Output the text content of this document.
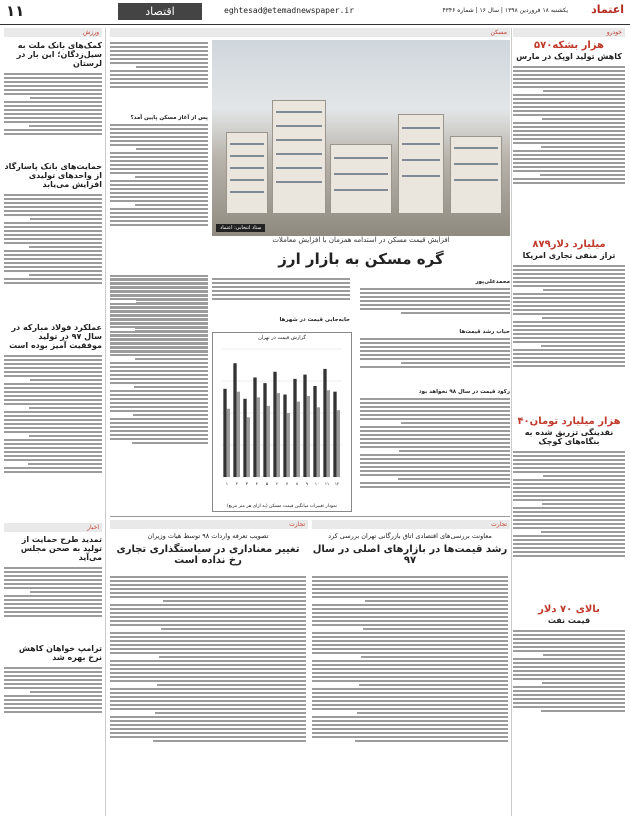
۱۱	اقتصاد	eghtesad@etemadnewspaper.ir	یکشنبه ۱۸ فروردین ۱۳۹۸ | سال ۱۶ | شماره ۴۳۴۶ اعتماد
خودرو
۵۷۰هزار بشکه
کاهش تولید اوپک در مارس
۸۷۹میلیارد دلار
تراز منفی تجاری امریکا
۴۰هزار میلیارد تومان
نقدینگی تزریق شده به بنگاه‌های کوچک
بالای ۷۰ دلار
قیمت نفت
ورزش
کمک‌های بانک ملت به سیل‌زدگان؛ این بار در لرستان
حمایت‌های بانک پاسارگاد از واحدهای تولیدی افزایش می‌یابد
عملکرد فولاد مبارکه در سال ۹۷ در تولید موفقیت آمیز بوده است
اخبار
تمدید طرح حمایت از تولید به صحن مجلس می‌آید
ترامپ خواهان کاهش نرخ بهره شد
مسکن
پس از آغاز مسکن پایین آمد؟
ستاد انتخابی: اعتماد
افزایش قیمت مسکن در استدامه همزمان با افزایش معاملات
گره مسکن به بازار ارز
محمدعلی‌پور
حباب رشد قیمت‌ها
رکود قیمت در سال ۹۸ نخواهد بود
جابه‌جایی قیمت در شهرها
گزارش قیمت در تهران
۱ ۲ ۳ ۴ ۵ ۶ ۷ ۸ ۹ ۱۰ ۱۱ ۱۲
نمودار تغییرات میانگین قیمت مسکن (به ازای هر متر مربع)
تجارت
معاونت بررسی‌های اقتصادی اتاق بازرگانی تهران بررسی کرد
رشد قیمت‌ها در بازارهای اصلی در سال ۹۷
تجارت
تصویب تعرفه واردات ۹۸ توسط هیات وزیران
تغییر معناداری در سیاستگذاری تجاری رخ نداده است
